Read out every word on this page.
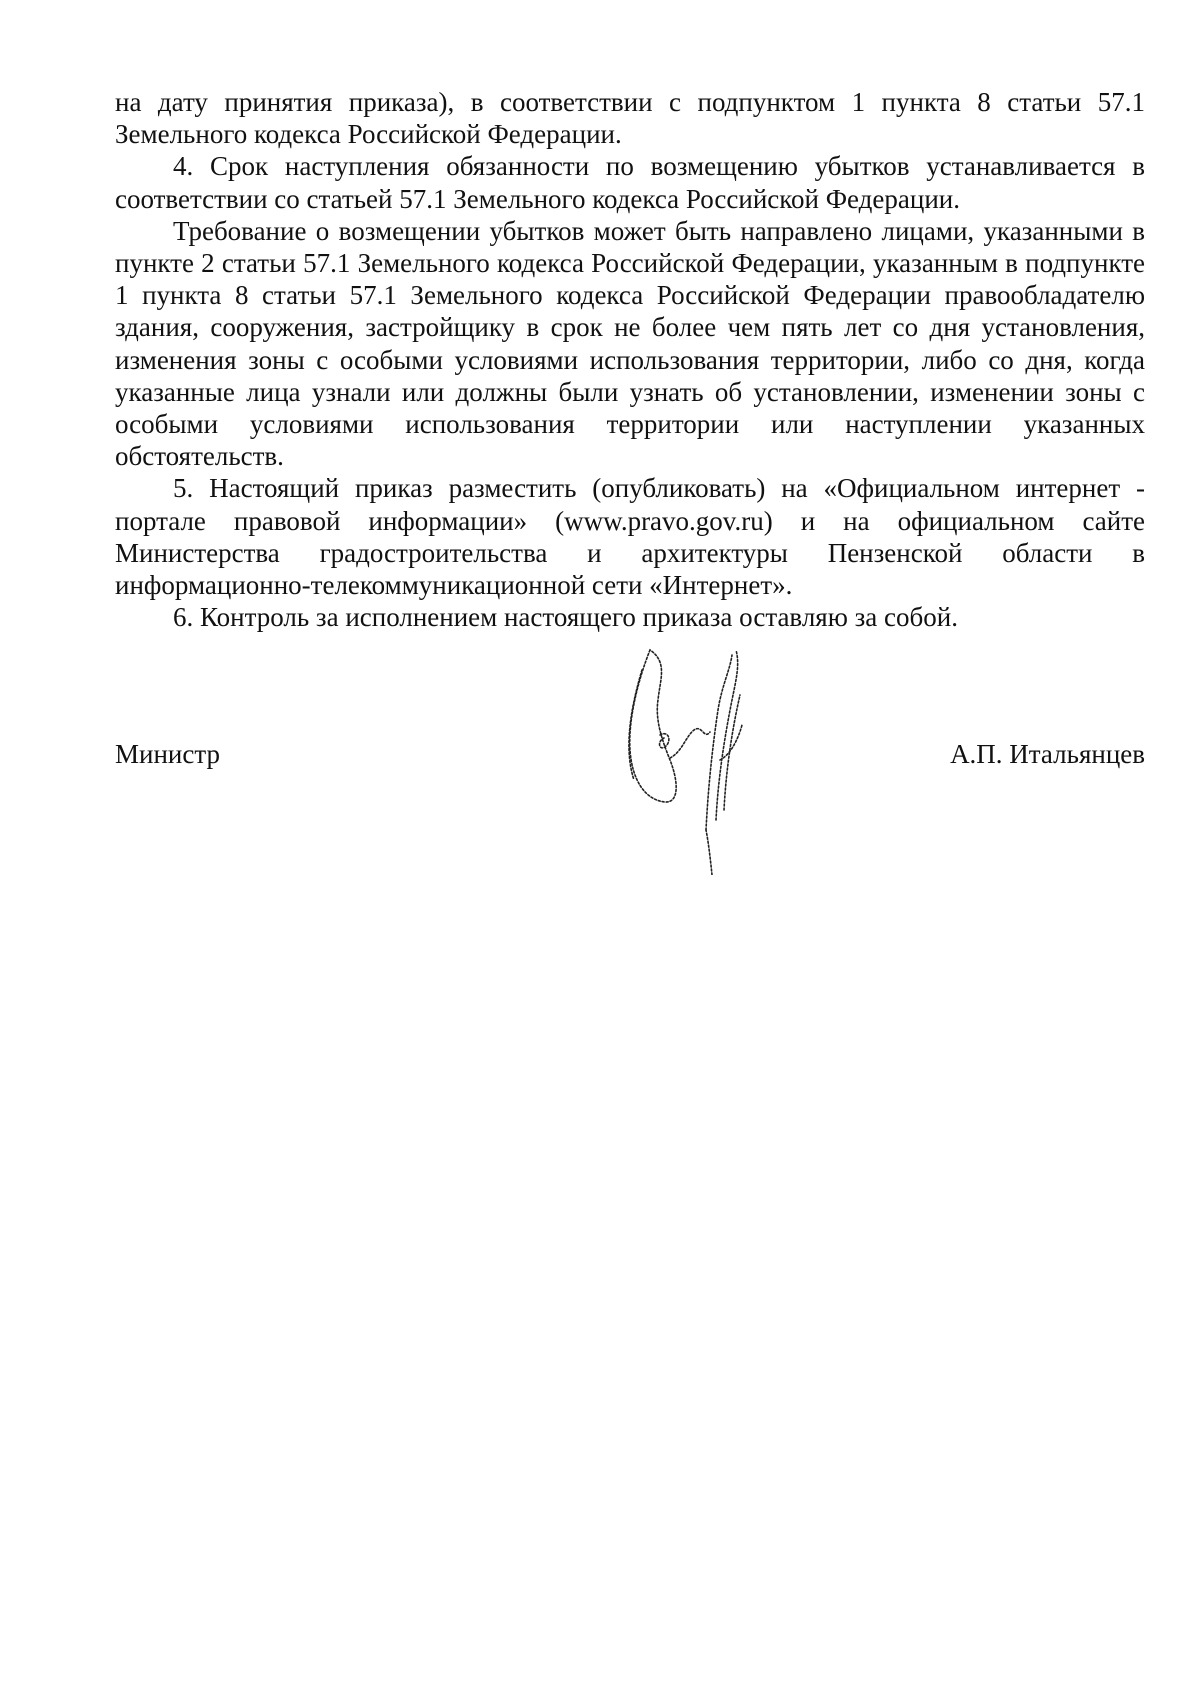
на дату принятия приказа), в соответствии с подпунктом 1 пункта 8 статьи 57.1 Земельного кодекса Российской Федерации.

4. Срок наступления обязанности по возмещению убытков устанавливается в соответствии со статьей 57.1 Земельного кодекса Российской Федерации.

Требование о возмещении убытков может быть направлено лицами, указанными в пункте 2 статьи 57.1 Земельного кодекса Российской Федерации, указанным в подпункте 1 пункта 8 статьи 57.1 Земельного кодекса Российской Федерации правообладателю здания, сооружения, застройщику в срок не более чем пять лет со дня установления, изменения зоны с особыми условиями использования территории, либо со дня, когда указанные лица узнали или должны были узнать об установлении, изменении зоны с особыми условиями использования территории или наступлении указанных обстоятельств.

5. Настоящий приказ разместить (опубликовать) на «Официальном интернет - портале правовой информации» (www.pravo.gov.ru) и на официальном сайте Министерства градостроительства и архитектуры Пензенской области в информационно-телекоммуникационной сети «Интернет».

6. Контроль за исполнением настоящего приказа оставляю за собой.

Министр	А.П. Итальянцев
